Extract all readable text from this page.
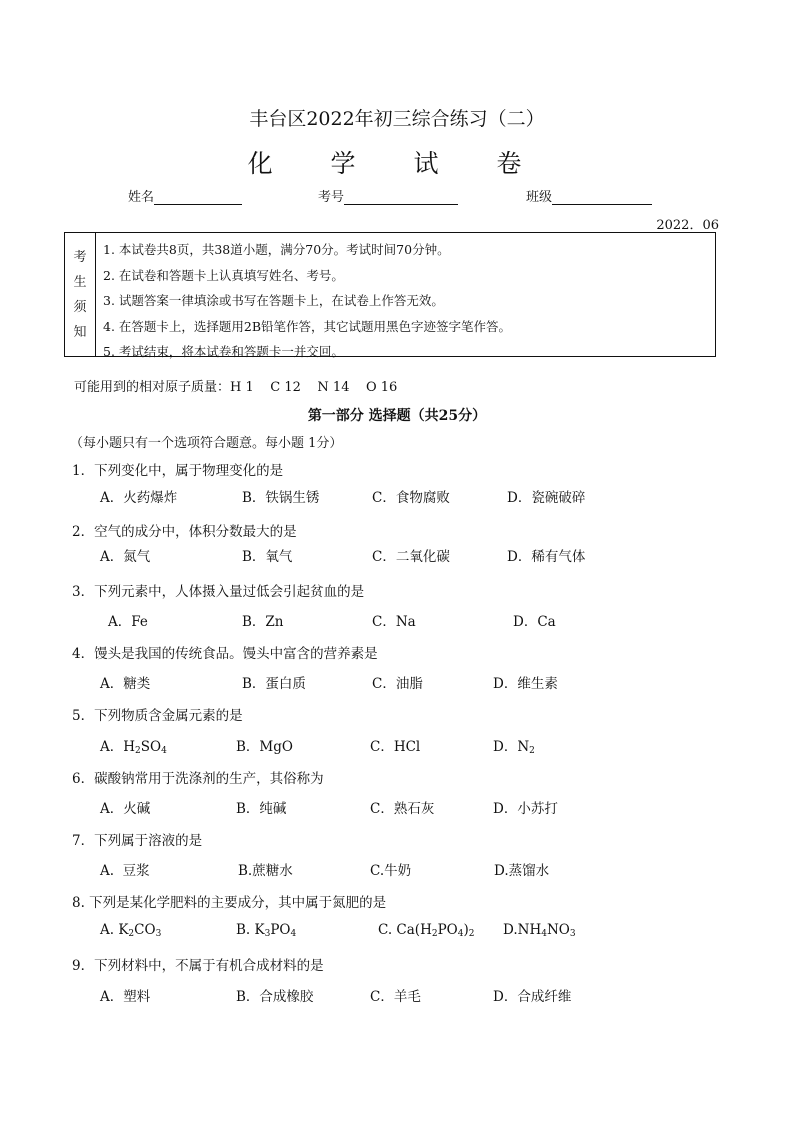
丰台区2022年初三综合练习（二）
化 学 试 卷
姓名	考号	班级
2022．06
考
生
须
知
1. 本试卷共8页，共38道小题，满分70分。考试时间70分钟。
2. 在试卷和答题卡上认真填写姓名、考号。
3. 试题答案一律填涂或书写在答题卡上，在试卷上作答无效。
4. 在答题卡上，选择题用2B铅笔作答，其它试题用黑色字迹签字笔作答。
5. 考试结束，将本试卷和答题卡一并交回。
可能用到的相对原子质量：H 1    C 12    N 14    O 16
第一部分 选择题（共25分）
（每小题只有一个选项符合题意。每小题 1分）
1．下列变化中，属于物理变化的是
A．火药爆炸	B．铁锅生锈	C．食物腐败	D．瓷碗破碎
2．空气的成分中，体积分数最大的是
A．氮气	B．氧气	C．二氧化碳	D．稀有气体
3．下列元素中，人体摄入量过低会引起贫血的是
A．Fe	B．Zn	C．Na	D．Ca
4．馒头是我国的传统食品。馒头中富含的营养素是
A．糖类	B．蛋白质	C．油脂	D．维生素
5．下列物质含金属元素的是
A．$H_2SO_4$	B．MgO	C．HCl	D．$N_2$
6．碳酸钠常用于洗涤剂的生产，其俗称为
A．火碱	B．纯碱	C．熟石灰	D．小苏打
7．下列属于溶液的是
A.  豆浆	B.蔗糖水	C.牛奶	D.蒸馏水
8. 下列是某化学肥料的主要成分，其中属于氮肥的是
A. $K_2CO_3$	B. $K_3PO_4$	C. $Ca(H_2PO_4)_2$ $D.NH_4NO_3$
9．下列材料中，不属于有机合成材料的是
A．塑料	B．合成橡胶	C．羊毛	D．合成纤维
